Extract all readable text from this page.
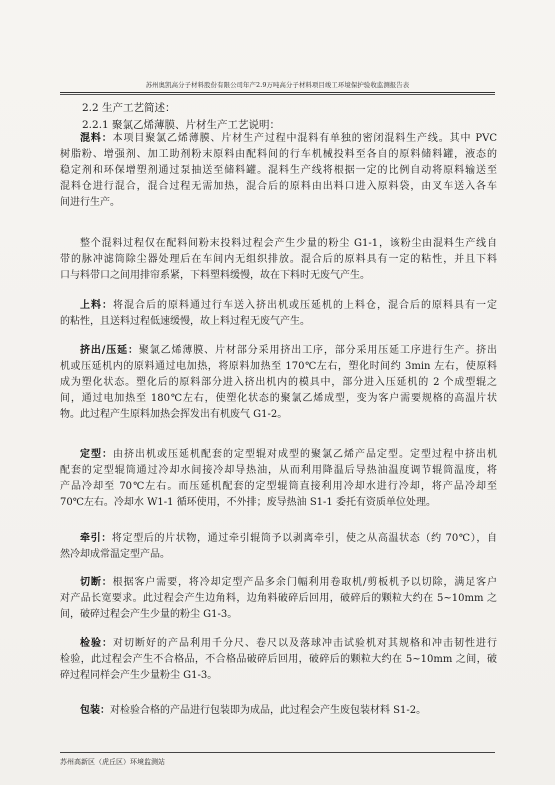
苏州奥凯高分子材料股份有限公司年产2.9万吨高分子材料项目竣工环境保护验收监测报告表
2.2 生产工艺简述：
2.2.1 聚氯乙烯薄膜、片材生产工艺说明：
混料：本项目聚氯乙烯薄膜、片材生产过程中混料有单独的密闭混料生产线。其中 PVC
树脂粉、增强剂、加工助剂粉末原料由配料间的行车机械投料至各自的原料储料罐，液态的
稳定剂和环保增塑剂通过泵抽送至储料罐。混料生产线将根据一定的比例自动将原料输送至
混料仓进行混合，混合过程无需加热，混合后的原料由出料口进入原料袋，由叉车送入各车
间进行生产。
整个混料过程仅在配料间粉末投料过程会产生少量的粉尘 G1-1，该粉尘由混料生产线自
带的脉冲滤筒除尘器处理后在车间内无组织排放。混合后的原料具有一定的粘性，并且下料
口与料带口之间用排帘系紧，下料塑料缓慢，故在下料时无废气产生。
上料：将混合后的原料通过行车送入挤出机或压延机的上料仓，混合后的原料具有一定
的粘性，且送料过程低速缓慢，故上料过程无废气产生。
挤出/压延：聚氯乙烯薄膜、片材部分采用挤出工序，部分采用压延工序进行生产。挤出
机或压延机内的原料通过电加热，将原料加热至 170℃左右，塑化时间约 3min 左右，使原料
成为塑化状态。塑化后的原料部分进入挤出机内的模具中，部分进入压延机的 2 个成型辊之
间，通过电加热至 180℃左右，使塑化状态的聚氯乙烯成型，变为客户需要规格的高温片状
物。此过程产生原料加热会挥发出有机废气 G1-2。
定型：由挤出机或压延机配套的定型辊对成型的聚氯乙烯产品定型。定型过程中挤出机
配套的定型辊筒通过冷却水间接冷却导热油，从而利用降温后导热油温度调节辊筒温度，将
产品冷却至 70℃左右。而压延机配套的定型辊筒直接利用冷却水进行冷却，将产品冷却至
70℃左右。冷却水 W1-1 循环使用，不外排；废导热油 S1-1 委托有资质单位处理。
牵引：将定型后的片状物，通过牵引辊筒予以剥离牵引，使之从高温状态（约 70℃），自
然冷却成常温定型产品。
切断：根据客户需要，将冷却定型产品多余门幅利用卷取机/剪板机予以切除，满足客户
对产品长宽要求。此过程会产生边角料，边角料破碎后回用，破碎后的颗粒大约在 5~10mm 之
间，破碎过程会产生少量的粉尘 G1-3。
检验：对切断好的产品利用千分尺、卷尺以及落球冲击试验机对其规格和冲击韧性进行
检验，此过程会产生不合格品，不合格品破碎后回用，破碎后的颗粒大约在 5~10mm 之间，破
碎过程同样会产生少量粉尘 G1-3。
包装：对检验合格的产品进行包装即为成品，此过程会产生废包装材料 S1-2。
苏州高新区（虎丘区）环境监测站
